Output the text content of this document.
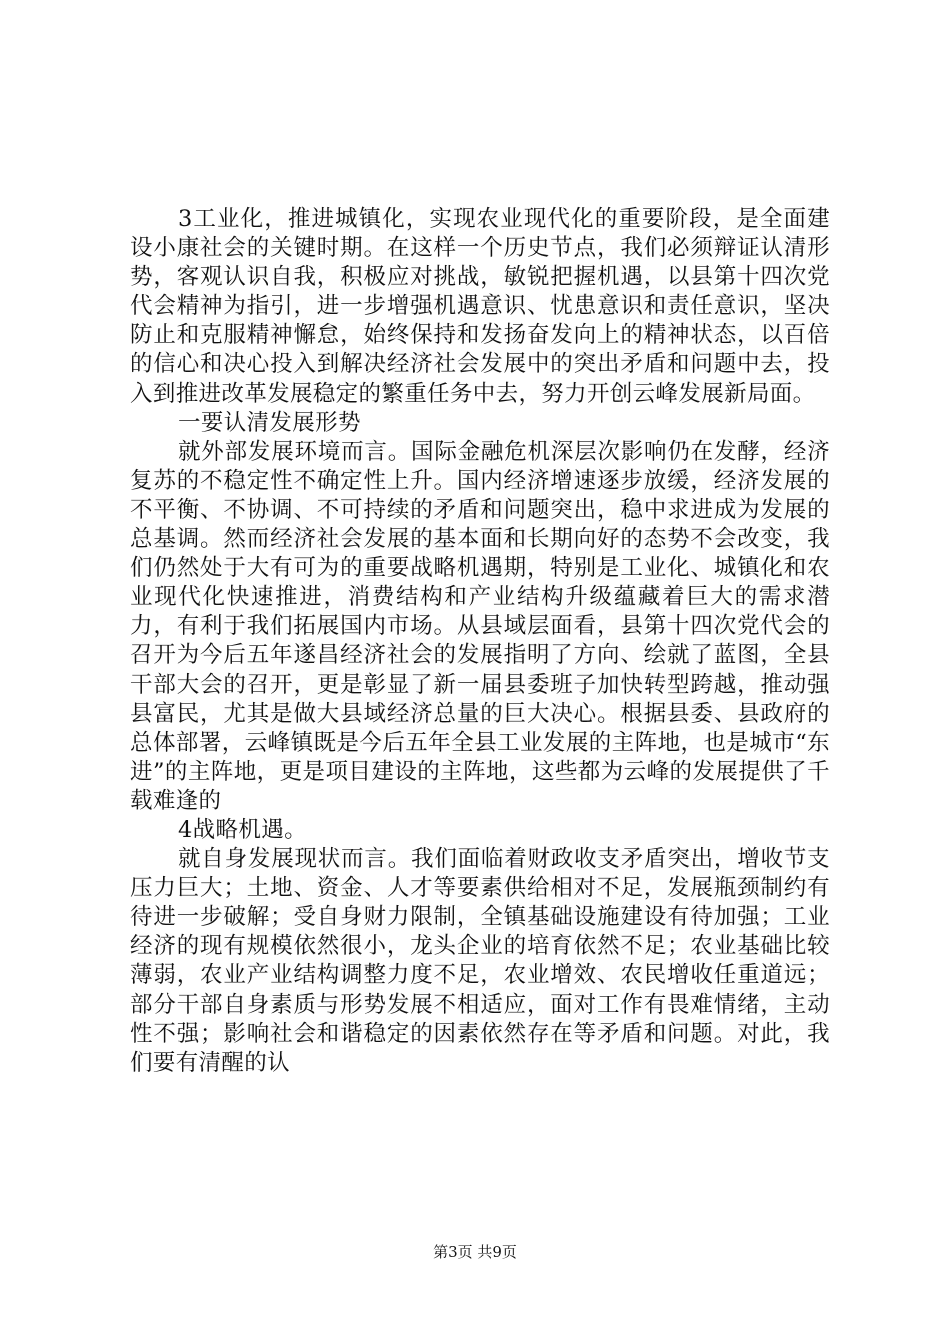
3工业化，推进城镇化，实现农业现代化的重要阶段，是全面建设小康社会的关键时期。在这样一个历史节点，我们必须辩证认清形势，客观认识自我，积极应对挑战，敏锐把握机遇，以县第十四次党代会精神为指引，进一步增强机遇意识、忧患意识和责任意识，坚决防止和克服精神懈怠，始终保持和发扬奋发向上的精神状态，以百倍的信心和决心投入到解决经济社会发展中的突出矛盾和问题中去，投入到推进改革发展稳定的繁重任务中去，努力开创云峰发展新局面。

一要认清发展形势

就外部发展环境而言。国际金融危机深层次影响仍在发酵，经济复苏的不稳定性不确定性上升。国内经济增速逐步放缓，经济发展的不平衡、不协调、不可持续的矛盾和问题突出，稳中求进成为发展的总基调。然而经济社会发展的基本面和长期向好的态势不会改变，我们仍然处于大有可为的重要战略机遇期，特别是工业化、城镇化和农业现代化快速推进，消费结构和产业结构升级蕴藏着巨大的需求潜力，有利于我们拓展国内市场。从县域层面看，县第十四次党代会的召开为今后五年遂昌经济社会的发展指明了方向、绘就了蓝图，全县干部大会的召开，更是彰显了新一届县委班子加快转型跨越，推动强县富民，尤其是做大县域经济总量的巨大决心。根据县委、县政府的总体部署，云峰镇既是今后五年全县工业发展的主阵地，也是城市“东进”的主阵地，更是项目建设的主阵地，这些都为云峰的发展提供了千载难逢的

4战略机遇。

就自身发展现状而言。我们面临着财政收支矛盾突出，增收节支压力巨大；土地、资金、人才等要素供给相对不足，发展瓶颈制约有待进一步破解；受自身财力限制，全镇基础设施建设有待加强；工业经济的现有规模依然很小，龙头企业的培育依然不足；农业基础比较薄弱，农业产业结构调整力度不足，农业增效、农民增收任重道远；部分干部自身素质与形势发展不相适应，面对工作有畏难情绪，主动性不强；影响社会和谐稳定的因素依然存在等矛盾和问题。对此，我们要有清醒的认

第3页 共9页
